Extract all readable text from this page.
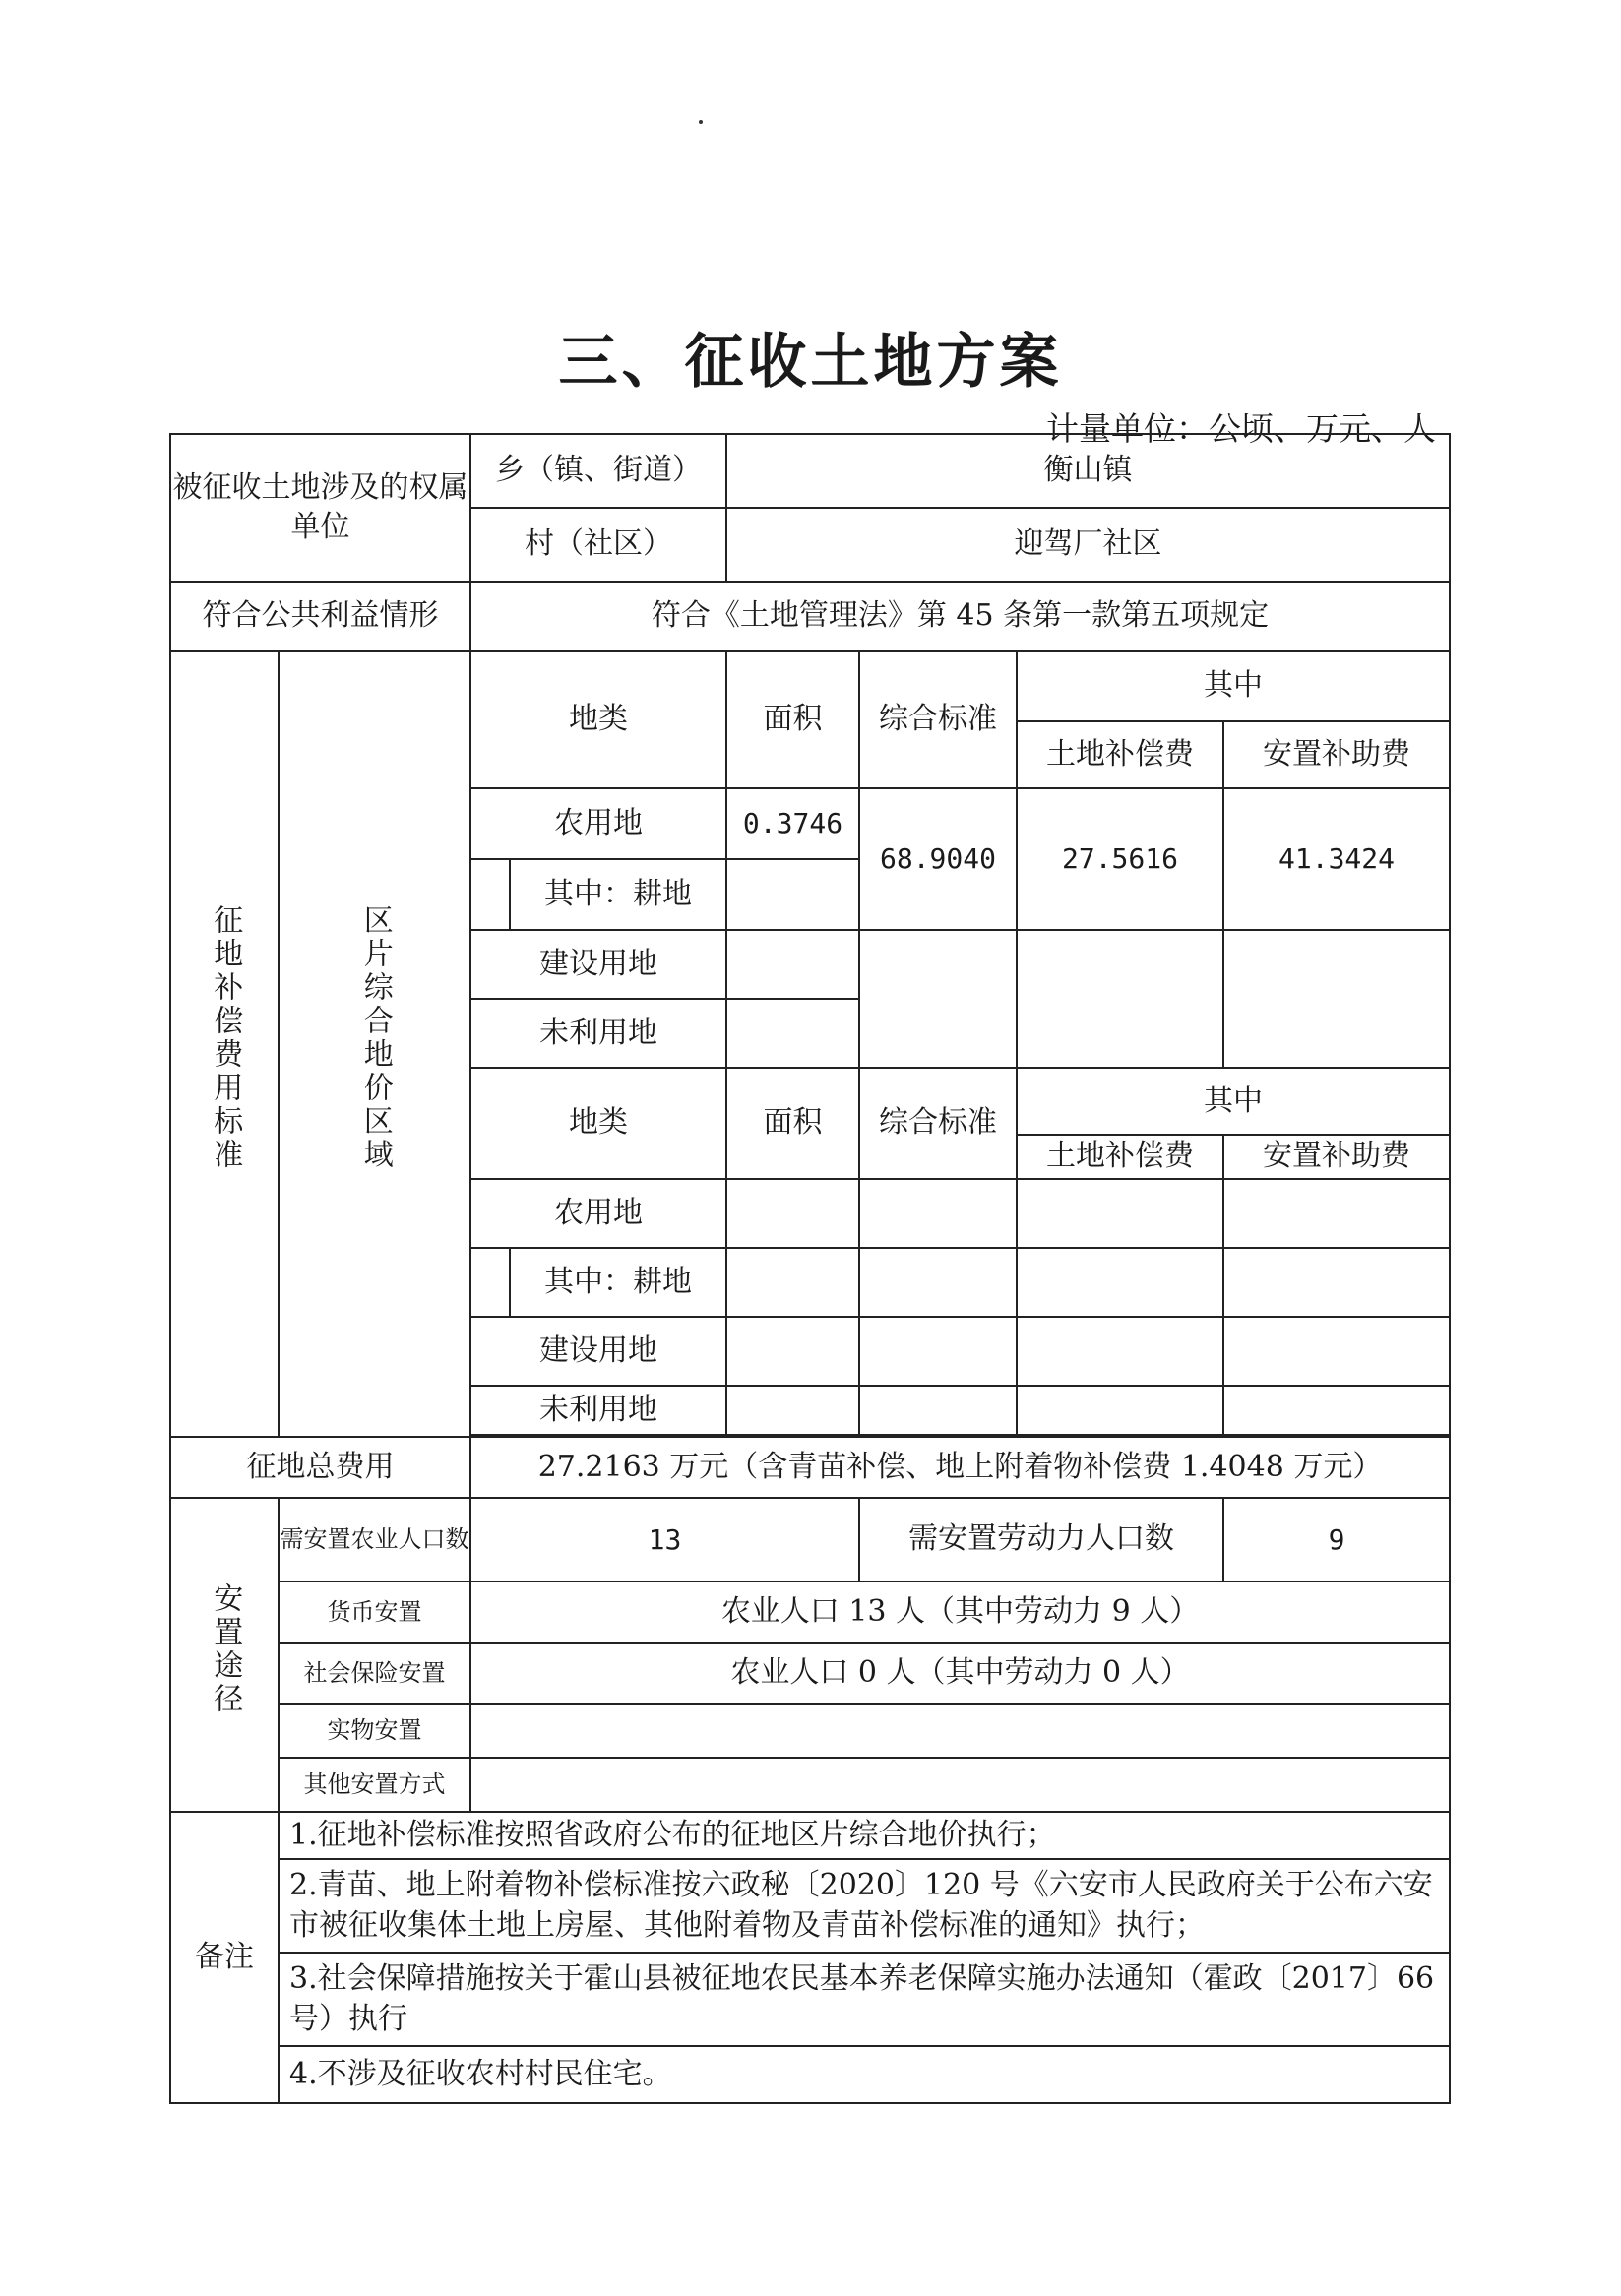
三、征收土地方案
计量单位：公顷、万元、人
被征收土地涉及的权属单位		乡（镇、街道）		衡山镇			
		村（社区）		迎驾厂社区			
符合公共利益情形		符合《土地管理法》第 45 条第一款第五项规定					
征地补偿费用标准	区片综合地价区域	地类		面积	综合标准	其中	
						土地补偿费	安置补助费
		农用地		0.3746	68.9040	27.5616	41.3424
			其中：耕地				
		建设用地					
		未利用地					
		地类		面积	综合标准	其中	
						土地补偿费	安置补助费
		农用地					
			其中：耕地				
		建设用地					
		未利用地					

征地总费用		27.2163 万元（含青苗补偿、地上附着物补偿费 1.4048 万元）					
安置途径	需安置农业人口数	13			需安置劳动力人口数		9
	货币安置	农业人口 13 人（其中劳动力 9 人）					
	社会保险安置	农业人口 0 人（其中劳动力 0 人）					
	实物安置						
	其他安置方式						
备注	1.征地补偿标准按照省政府公布的征地区片综合地价执行；						
	2.青苗、地上附着物补偿标准按六政秘〔2020〕120 号《六安市人民政府关于公布六安市被征收集体土地上房屋、其他附着物及青苗补偿标准的通知》执行；						
	3.社会保障措施按关于霍山县被征地农民基本养老保障实施办法通知（霍政〔2017〕66 号）执行						
	4.不涉及征收农村村民住宅。						
